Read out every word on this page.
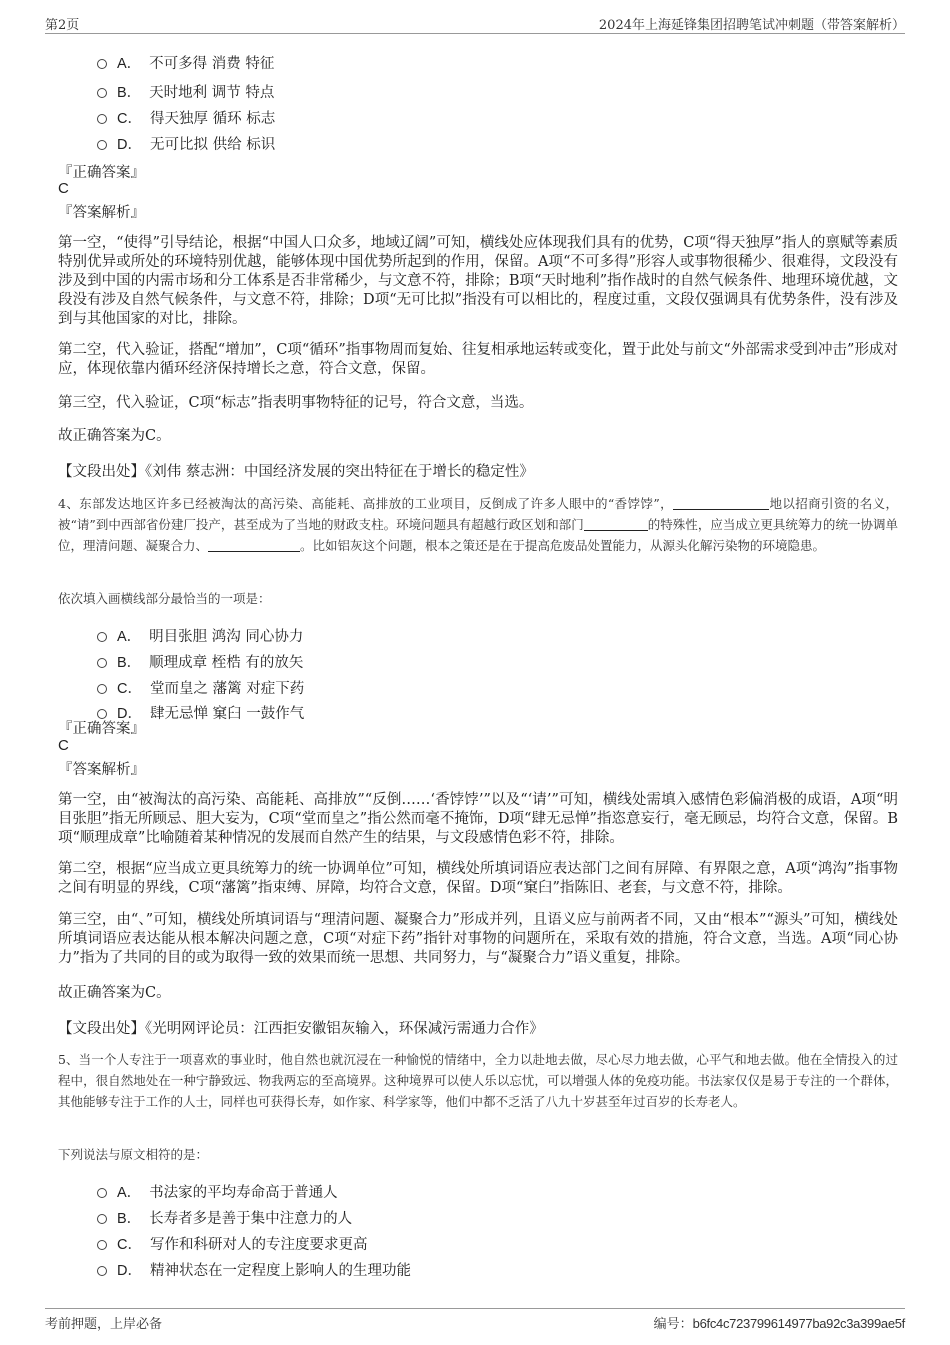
第2页	2024年上海延锋集团招聘笔试冲刺题（带答案解析）
A． 不可多得 消费 特征
B． 天时地利 调节 特点
C． 得天独厚 循环 标志
D． 无可比拟 供给 标识
『正确答案』
C
『答案解析』
第一空，“使得”引导结论，根据“中国人口众多，地域辽阔”可知，横线处应体现我们具有的优势，C项“得天独厚”指人的禀赋等素质特别优异或所处的环境特别优越，能够体现中国优势所起到的作用，保留。A项“不可多得”形容人或事物很稀少、很难得，文段没有涉及到中国的内需市场和分工体系是否非常稀少，与文意不符，排除；B项“天时地利”指作战时的自然气候条件、地理环境优越，文段没有涉及自然气候条件，与文意不符，排除；D项“无可比拟”指没有可以相比的，程度过重，文段仅强调具有优势条件，没有涉及到与其他国家的对比，排除。
第二空，代入验证，搭配“增加”，C项“循环”指事物周而复始、往复相承地运转或变化，置于此处与前文“外部需求受到冲击”形成对应，体现依靠内循环经济保持增长之意，符合文意，保留。
第三空，代入验证，C项“标志”指表明事物特征的记号，符合文意，当选。
故正确答案为C。
【文段出处】《刘伟 蔡志洲：中国经济发展的突出特征在于增长的稳定性》
4、东部发达地区许多已经被淘汰的高污染、高能耗、高排放的工业项目，反倒成了许多人眼中的“香饽饽”，	地以招商引资的名义，被“请”到中西部省份建厂投产，甚至成为了当地的财政支柱。环境问题具有超越行政区划和部门	的特殊性，应当成立更具统筹力的统一协调单位，理清问题、凝聚合力、	。比如铝灰这个问题，根本之策还是在于提高危废品处置能力，从源头化解污染物的环境隐患。
依次填入画横线部分最恰当的一项是：
A． 明目张胆 鸿沟 同心协力
B． 顺理成章 桎梏 有的放矢
C． 堂而皇之 藩篱 对症下药
D． 肆无忌惮 窠臼 一鼓作气
『正确答案』
C
『答案解析』
第一空，由“被淘汰的高污染、高能耗、高排放”“反倒……‘香饽饽’”以及“‘请’”可知，横线处需填入感情色彩偏消极的成语，A项“明目张胆”指无所顾忌、胆大妄为，C项“堂而皇之”指公然而毫不掩饰，D项“肆无忌惮”指恣意妄行，毫无顾忌，均符合文意，保留。B项“顺理成章”比喻随着某种情况的发展而自然产生的结果，与文段感情色彩不符，排除。
第二空，根据“应当成立更具统筹力的统一协调单位”可知，横线处所填词语应表达部门之间有屏障、有界限之意，A项“鸿沟”指事物之间有明显的界线，C项“藩篱”指束缚、屏障，均符合文意，保留。D项“窠臼”指陈旧、老套，与文意不符，排除。
第三空，由“、”可知，横线处所填词语与“理清问题、凝聚合力”形成并列，且语义应与前两者不同，又由“根本”“源头”可知，横线处所填词语应表达能从根本解决问题之意，C项“对症下药”指针对事物的问题所在，采取有效的措施，符合文意，当选。A项“同心协力”指为了共同的目的或为取得一致的效果而统一思想、共同努力，与“凝聚合力”语义重复，排除。
故正确答案为C。
【文段出处】《光明网评论员：江西拒安徽铝灰输入，环保减污需通力合作》
5、当一个人专注于一项喜欢的事业时，他自然也就沉浸在一种愉悦的情绪中，全力以赴地去做，尽心尽力地去做，心平气和地去做。他在全情投入的过程中，很自然地处在一种宁静致远、物我两忘的至高境界。这种境界可以使人乐以忘忧，可以增强人体的免疫功能。书法家仅仅是易于专注的一个群体，其他能够专注于工作的人士，同样也可获得长寿，如作家、科学家等，他们中都不乏活了八九十岁甚至年过百岁的长寿老人。
下列说法与原文相符的是：
A． 书法家的平均寿命高于普通人
B． 长寿者多是善于集中注意力的人
C． 写作和科研对人的专注度要求更高
D． 精神状态在一定程度上影响人的生理功能
考前押题，上岸必备	编号：b6fc4c723799614977ba92c3a399ae5f
